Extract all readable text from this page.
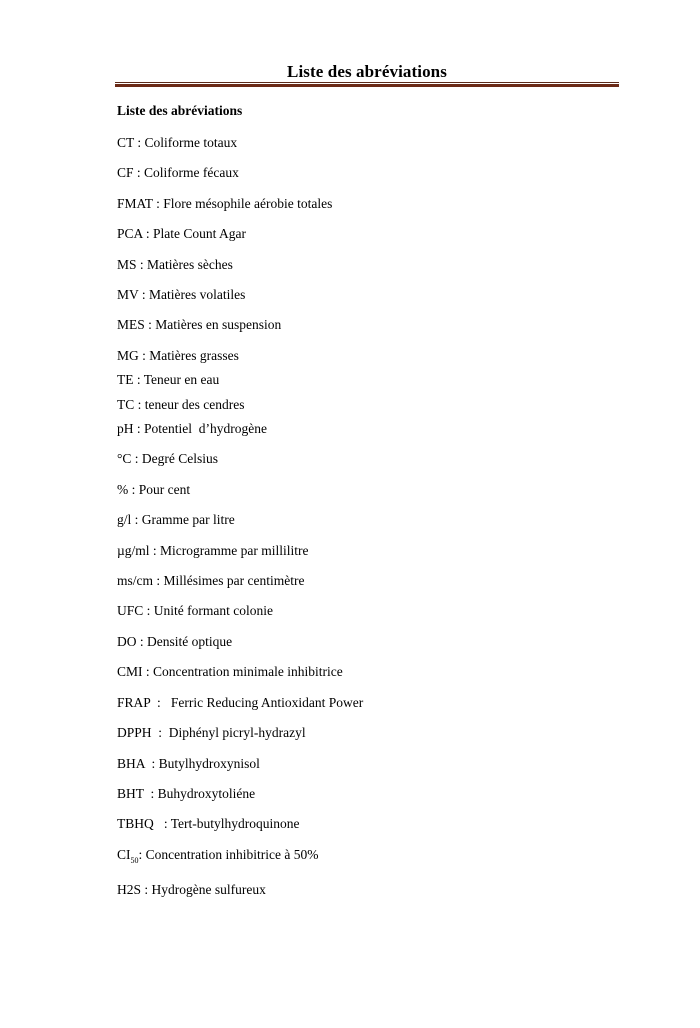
Liste des abréviations
Liste des abréviations
CT : Coliforme totaux
CF : Coliforme fécaux
FMAT : Flore mésophile aérobie totales
PCA : Plate Count Agar
MS : Matières sèches
MV : Matières volatiles
MES : Matières en suspension
MG : Matières grasses
TE : Teneur en eau
TC : teneur des cendres
pH : Potentiel  d’hydrogène
°C : Degré Celsius
% : Pour cent
g/l : Gramme par litre
µg/ml : Microgramme par millilitre
ms/cm : Millésimes par centimètre
UFC : Unité formant colonie
DO : Densité optique
CMI : Concentration minimale inhibitrice
FRAP  :   Ferric Reducing Antioxidant Power
DPPH  :  Diphényl picryl-hydrazyl
BHA  : Butylhydroxynisol
BHT  : Buhydroxytoliéne
TBHQ   : Tert-butylhydroquinone
$CI_{50}$: Concentration inhibitrice à 50%
H2S : Hydrogène sulfureux
